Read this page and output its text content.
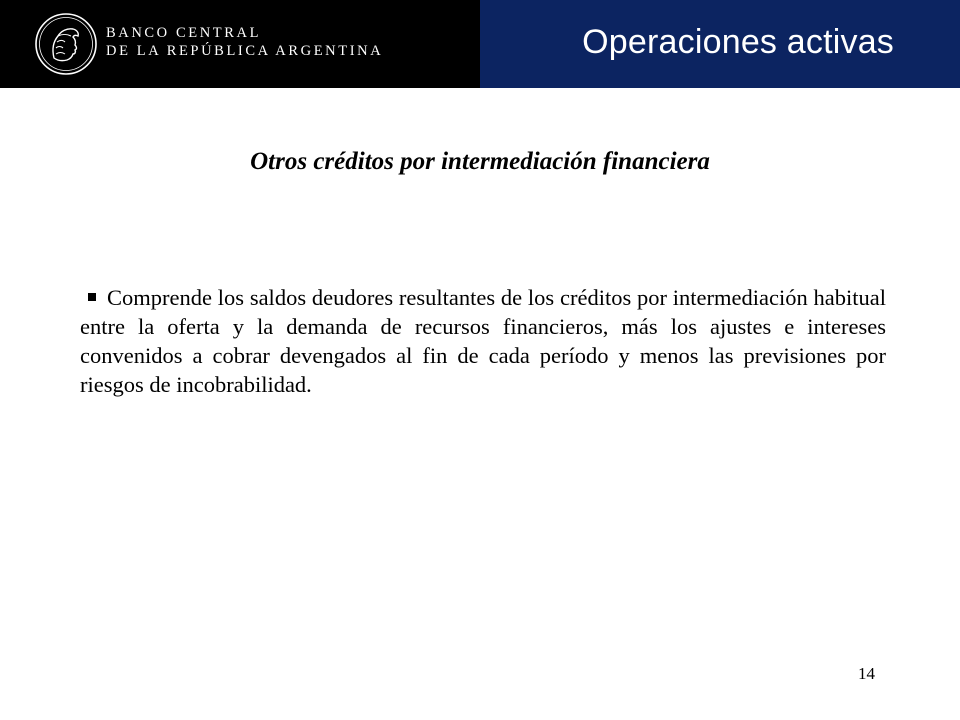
BANCO CENTRAL
DE LA REPÚBLICA ARGENTINA	Operaciones activas
Otros créditos por intermediación financiera
Comprende los saldos deudores resultantes de los créditos por intermediación habitual entre la oferta y la demanda de recursos financieros, más los ajustes e intereses convenidos a cobrar devengados al fin de cada período y menos las previsiones por riesgos de incobrabilidad.
14
